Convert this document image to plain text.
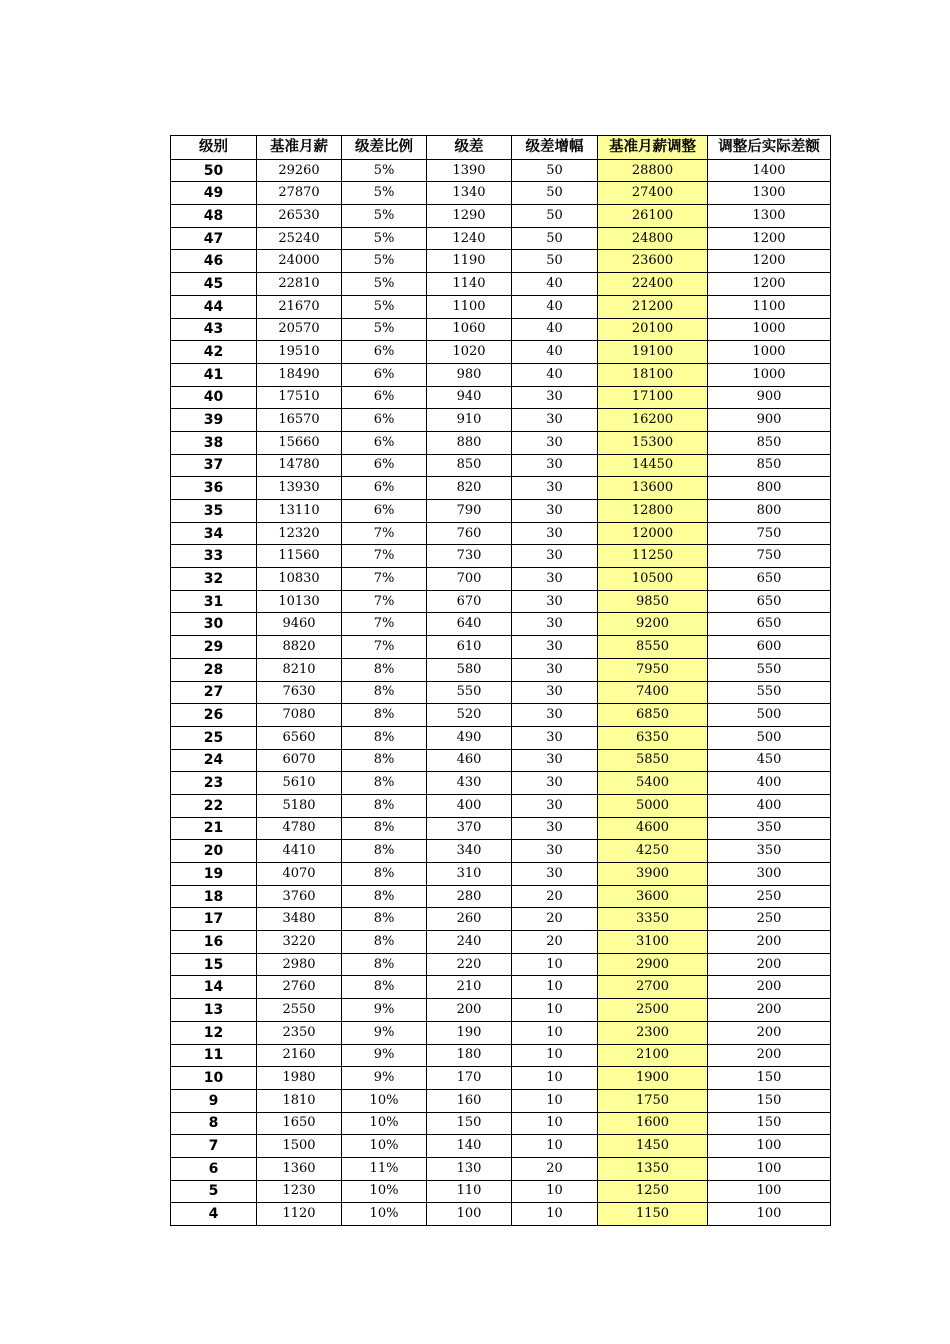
级别	基准月薪	级差比例	级差	级差增幅	基准月薪调整	调整后实际差额
50	29260	5%	1390	50	28800	1400
49	27870	5%	1340	50	27400	1300
48	26530	5%	1290	50	26100	1300
47	25240	5%	1240	50	24800	1200
46	24000	5%	1190	50	23600	1200
45	22810	5%	1140	40	22400	1200
44	21670	5%	1100	40	21200	1100
43	20570	5%	1060	40	20100	1000
42	19510	6%	1020	40	19100	1000
41	18490	6%	980	40	18100	1000
40	17510	6%	940	30	17100	900
39	16570	6%	910	30	16200	900
38	15660	6%	880	30	15300	850
37	14780	6%	850	30	14450	850
36	13930	6%	820	30	13600	800
35	13110	6%	790	30	12800	800
34	12320	7%	760	30	12000	750
33	11560	7%	730	30	11250	750
32	10830	7%	700	30	10500	650
31	10130	7%	670	30	9850	650
30	9460	7%	640	30	9200	650
29	8820	7%	610	30	8550	600
28	8210	8%	580	30	7950	550
27	7630	8%	550	30	7400	550
26	7080	8%	520	30	6850	500
25	6560	8%	490	30	6350	500
24	6070	8%	460	30	5850	450
23	5610	8%	430	30	5400	400
22	5180	8%	400	30	5000	400
21	4780	8%	370	30	4600	350
20	4410	8%	340	30	4250	350
19	4070	8%	310	30	3900	300
18	3760	8%	280	20	3600	250
17	3480	8%	260	20	3350	250
16	3220	8%	240	20	3100	200
15	2980	8%	220	10	2900	200
14	2760	8%	210	10	2700	200
13	2550	9%	200	10	2500	200
12	2350	9%	190	10	2300	200
11	2160	9%	180	10	2100	200
10	1980	9%	170	10	1900	150
9	1810	10%	160	10	1750	150
8	1650	10%	150	10	1600	150
7	1500	10%	140	10	1450	100
6	1360	11%	130	20	1350	100
5	1230	10%	110	10	1250	100
4	1120	10%	100	10	1150	100
